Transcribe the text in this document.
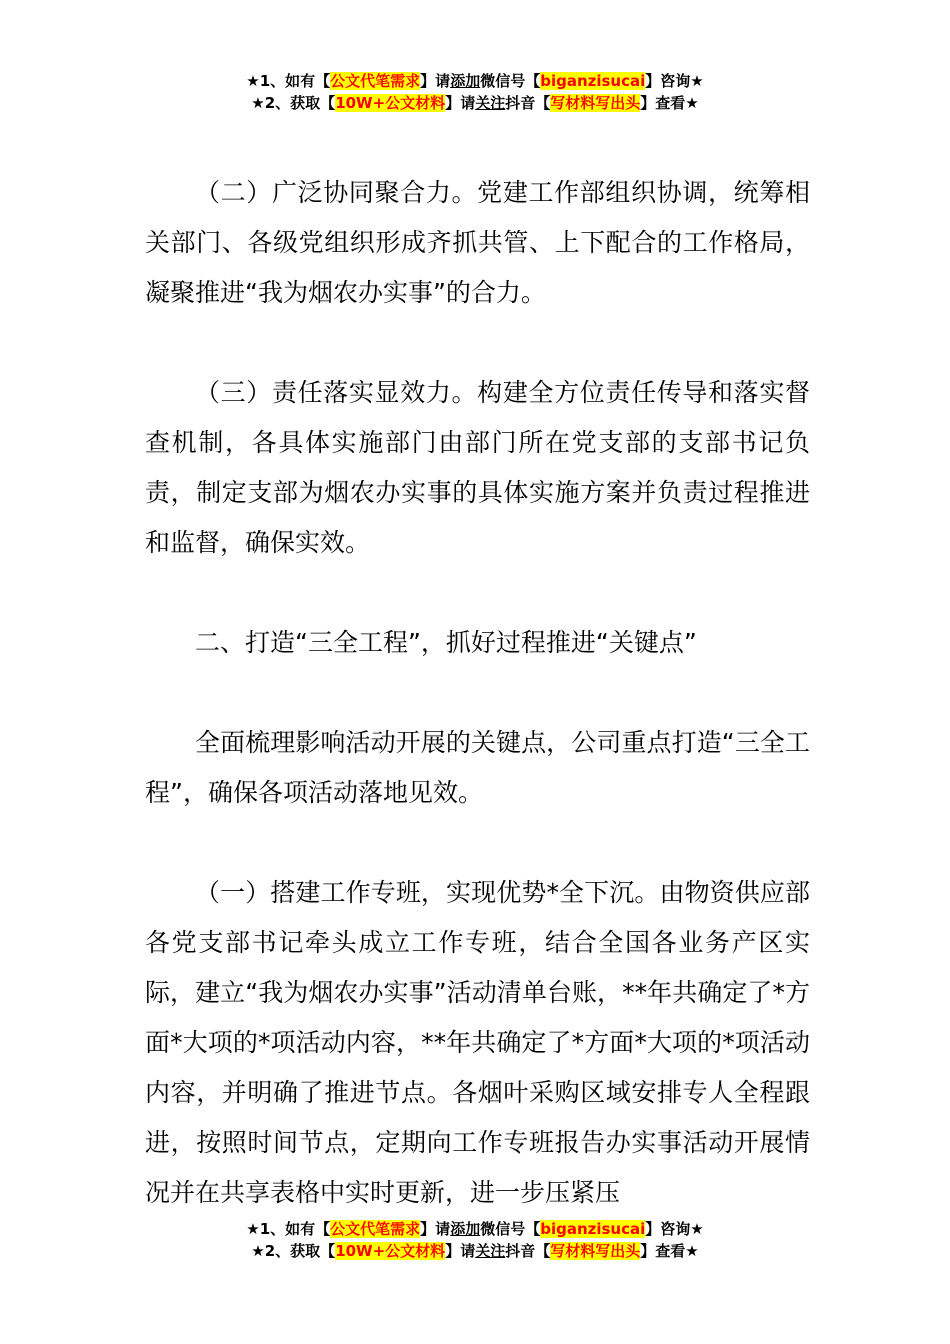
★1、如有【公文代笔需求】请添加微信号【biganzisucai】咨询★
★2、获取【10W+公文材料】请关注抖音【写材料写出头】查看★

（二）广泛协同聚合力。党建工作部组织协调，统筹相关部门、各级党组织形成齐抓共管、上下配合的工作格局，凝聚推进“我为烟农办实事”的合力。

（三）责任落实显效力。构建全方位责任传导和落实督查机制，各具体实施部门由部门所在党支部的支部书记负责，制定支部为烟农办实事的具体实施方案并负责过程推进和监督，确保实效。

二、打造“三全工程”，抓好过程推进“关键点”

全面梳理影响活动开展的关键点，公司重点打造“三全工程”，确保各项活动落地见效。

（一）搭建工作专班，实现优势*全下沉。由物资供应部各党支部书记牵头成立工作专班，结合全国各业务产区实际，建立“我为烟农办实事”活动清单台账，**年共确定了*方面*大项的*项活动内容，**年共确定了*方面*大项的*项活动内容，并明确了推进节点。各烟叶采购区域安排专人全程跟进，按照时间节点，定期向工作专班报告办实事活动开展情况并在共享表格中实时更新，进一步压紧压

★1、如有【公文代笔需求】请添加微信号【biganzisucai】咨询★
★2、获取【10W+公文材料】请关注抖音【写材料写出头】查看★
